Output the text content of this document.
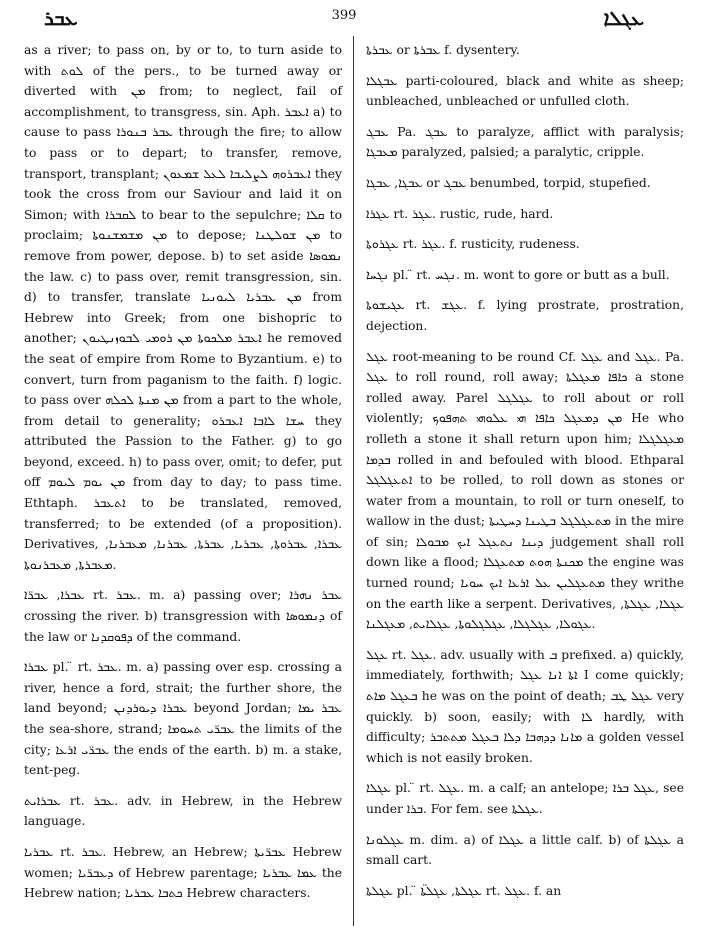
ܥܒܪ	399	ܥܓܠܐ

as a river; to pass on, by or to, to turn aside to with ܠܘܬ of the pers., to be turned away or diverted with ܡܢ from; to neglect, fail of accomplishment, to transgress, sin. Aph. ܐܥܒܪ a) to cause to pass ܥܒܪ ܒܢܘܪܐ through the fire; to allow to pass or to depart; to transfer, remove, transport, transplant; ܐܥܒܪܘܗ ܠܨܠܝܒܐ ܠܥܠ ܫܡܥܘܢ they took the cross from our Saviour and laid it on Simon; with ܠܩܒܪܐ to bear to the sepulchre; ܩܠܐ to proclaim; ܡܢ ܡܫܡܫܢܘܬܐ to depose; ܡܢ ܫܘܠܛܢܐ to remove from power, depose. b) to set aside ܢܡܘܣܐ the law. c) to pass over, remit transgression, sin. d) to transfer, translate ܡܢ ܥܒܪܝܐ ܠܝܘܢܝܐ from Hebrew into Greek; from one bishopric to another; ܐܥܒܪ ܡܠܟܘܬܐ ܡܢ ܪܘܡܝ ܠܒܘܙܢܛܝܘܢ he removed the seat of empire from Rome to Byzantium. e) to convert, turn from paganism to the faith. f) logic. to pass over ܡܢ ܡܢܬܐ ܠܟܠܗ from a part to the whole, from detail to generality; ܚܫܐ ܠܐܒܐ ܐܥܒܪܘ they attributed the Passion to the Father. g) to go beyond, exceed. h) to pass over, omit; to defer, put off ܡܢ ܝܘܡ ܠܝܘܡ from day to day; to pass time. Ethtaph. ܐܬܥܒܪ to be translated, removed, transferred; to be extended (of a proposition). Derivatives, ܥܒܪܐ, ܥܒܪܘܬܐ, ܥܒܪܝܐ, ܥܒܪܬܐ, ܥܒܪܢܐ, ܡܥܒܪܢܐ, ܡܥܒܪܬܐ, ܡܥܒܪܢܘܬܐ.

ܥܒܪܐ, ܥܒܪ̈ܐ rt. ܥܒܪ. m. a) passing over; ܥܒܪ ܢܗܪܐ crossing the river. b) transgression with ܕܢܡܘܣܐ of the law or ܕܦܘܩܕܢܐ of the command.

ܥܒܪܐ pl. ̈ rt. ܥܒܪ. m. a) passing over esp. crossing a river, hence a ford, strait; the further shore, the land beyond; ܥܒܪܐ ܕܝܘܪܕܢܢ beyond Jordan; ܥܒܪ ܝܡܐ the sea-shore, strand; ܥܒܪ̈ܝ ܬܚܘܡܐ the limits of the city; ܥܒܪ̈ܝ ܐܪܥܐ the ends of the earth. b) m. a stake, tent-peg.

ܥܒܪܐܝܬ rt. ܥܒܪ. adv. in Hebrew, in the Hebrew language.

ܥܒܪܝܐ rt. ܥܒܪ. Hebrew, an Hebrew; ܥܒܪ̈ܝܬܐ Hebrew women; ܕܥܒܪ̈ܝܐ of Hebrew parentage; ܥܡܐ ܥܒܪܝܐ the Hebrew nation; ܟܬܒܐ ܥܒܪܝܐ Hebrew characters.

ܥܒܪܬܐ or ܥܒܪܬܐ f. dysentery.

ܥܒܓܠܐ parti-coloured, black and white as sheep; unbleached, unbleached or unfulled cloth.

ܥܒܓ Pa. ܥܒܓ to paralyze, afflict with paralysis; ܡܥܒܓܐ paralyzed, palsied; a paralytic, cripple.

ܥܒܓܐ, ܥܒܓܐ or ܥܒܓ benumbed, torpid, stupefied.

ܥܓܪܐ rt. ܥܓܪ. rustic, rude, hard.

ܥܓܪܘܬܐ rt. ܥܓܪ. f. rusticity, rudeness.

ܢܓܚܐ pl. ̈ rt. ܢܓܚ. m. wont to gore or butt as a bull.

ܥܓܝܫܘܬܐ rt. ܥܓܫ. f. lying prostrate, prostration, dejection.

ܥܓܠ root-meaning to be round Cf. ܥܓܠ and ܥܓܠ. Pa. ܥܓܠ to roll round, roll away; ܟܐܦܐ ܡܥܓܠܬܐ a stone rolled away. Parel ܥܓܠܓܠ to roll about or roll violently; ܡܢ ܕܡܥܓܠ ܟܐܦܐ ܗܝ ܥܠܘܗܝ ܬܗܦܘܟ He who rolleth a stone it shall return upon him; ܡܥܓܠܓܠܐ ܒܕܡܐ rolled in and befouled with blood. Ethparal ܐܬܥܓܠܓܠ to be rolled, to roll down as stones or water from a mountain, to roll or turn oneself, to wallow in the dust; ܡܬܥܓܠܓܠ ܒܛܝܢܐ ܕܚܛܝܬܐ in the mire of sin; ܕܝܢܐ ܢܬܥܓܠ ܐܝܟ ܡܒܘܠܐ judgement shall roll down like a flood; ܡܟܢܬܐ ܗܘܬ ܡܬܥܓܠܐ the engine was turned round; ܡܬܥܓܠܝܢ ܥܠ ܐܪܥܐ ܐܝܟ ܚܘܝܐ they writhe on the earth like a serpent. Derivatives, ܥܓܠܐ, ܥܓܠܬܐ, ܥܓܘܠܐ, ܥܓܠܓܠܐ, ܥܓܠܓܠܘܬܐ, ܥܓܠܐܝܬ, ܡܥܓܠܢܐ.

ܥܓܠ rt. ܥܓܠ. adv. usually with ܒ prefixed. a) quickly, immediately, forthwith; ܐܬܐ ܐܢܐ ܥܓܠ I come quickly; ܒܥܓܠ ܡܐܬ he was on the point of death; ܥܓܠ ܛܒ very quickly. b) soon, easily; with ܠܐ hardly, with difficulty; ܡܐܢܐ ܕܕܗܒܐ ܕܠܐ ܒܥܓܠ ܡܬܬܒܪ a golden vessel which is not easily broken.

ܥܓܠܐ pl. ̈ rt. ܥܓܠ. m. a calf; an antelope; ܥܓܠ ܒܪܐ, see under ܒܪܐ. For fem. see ܥܓܠܬܐ.

ܥܓܠܘܢܐ m. dim. a) of ܥܓܠܐ a little calf. b) of ܥܓܠܬܐ a small cart.

ܥܓܠܬܐ pl. ̈ ܥܓܠܬܐ, ܥܓܠܬ̈ܐ rt. ܥܓܠ. f. an
